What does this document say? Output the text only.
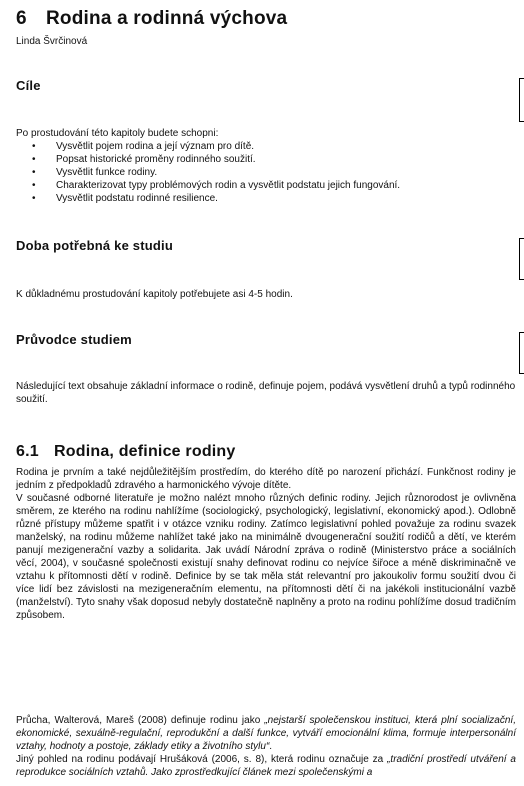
6 Rodina a rodinná výchova
Linda Švrčinová
Cíle
Po prostudování této kapitoly budete schopni:
• Vysvětlit pojem rodina a její význam pro dítě.
• Popsat historické proměny rodinného soužití.
• Vysvětlit funkce rodiny.
• Charakterizovat typy problémových rodin a vysvětlit podstatu jejich fungování.
• Vysvětlit podstatu rodinné resilience.
Doba potřebná ke studiu
K důkladnému prostudování kapitoly potřebujete asi 4-5 hodin.
Průvodce studiem
Následující text obsahuje základní informace o rodině, definuje pojem, podává vysvětlení druhů a typů rodinného soužití.
6.1 Rodina, definice rodiny

Rodina je prvním a také nejdůležitějším prostředím, do kterého dítě po narození přichází. Funkčnost rodiny je jedním z předpokladů zdravého a harmonického vývoje dítěte.

V současné odborné literatuře je možno nalézt mnoho různých definic rodiny. Jejich různorodost je ovlivněna směrem, ze kterého na rodinu nahlížíme (sociologický, psychologický, legislativní, ekonomický apod.). Odlobně různé přístupy můžeme spatřit i v otázce vzniku rodiny. Zatímco legislativní pohled považuje za rodinu svazek manželský, na rodinu můžeme nahlížet také jako na minimálně dvougenerační soužití rodičů a dětí, ve kterém panují mezigenerační vazby a solidarita. Jak uvádí Národní zpráva o rodině (Ministerstvo práce a sociálních věcí, 2004), v současné společnosti existují snahy definovat rodinu co nejvíce šiřoce a méně diskriminačně ve vztahu k přítomnosti dětí v rodině. Definice by se tak měla stát relevantní pro jakoukoliv formu soužití dvou či více lidí bez závislosti na mezigeneračním elementu, na přítomnosti dětí či na jakékoli institucionální vazbě (manželství). Tyto snahy však doposud nebyly dostatečně naplněny a proto na rodinu pohlížíme dosud tradičním způsobem.

Průcha, Walterová, Mareš (2008) definuje rodinu jako „nejstarší společenskou instituci, která plní socializační, ekonomické, sexuálně-regulační, reprodukční a další funkce, vytváří emocionální klima, formuje interpersonální vztahy, hodnoty a postoje, základy etiky a životního stylu“.

Jiný pohled na rodinu podávají Hrušáková (2006, s. 8), která rodinu označuje za „tradiční prostředí utváření a reprodukce sociálních vztahů. Jako zprostředkující článek mezi společenskými a
